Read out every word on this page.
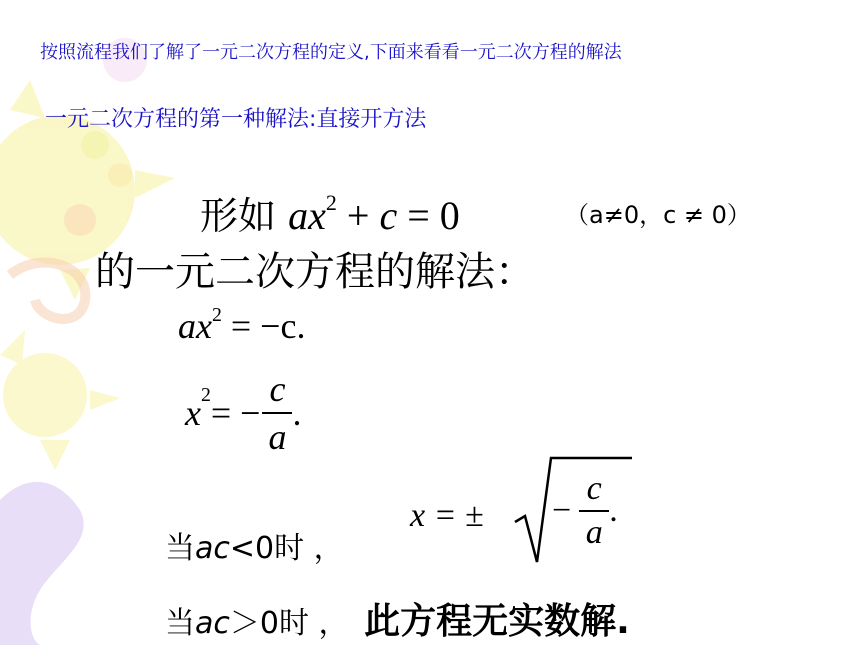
按照流程我们了解了一元二次方程的定义,下面来看看一元二次方程的解法
一元二次方程的第一种解法:直接开方法
形如 $ax^2 + c = 0$	（a≠0，c ≠ 0）
的一元二次方程的解法：
$ax^2 = -c$.
x 2 = − $\frac{c}{a}$ .
当ac<0时 ，
x = ± − $\frac{c}{a}$ .
当ac＞0时 ， 此方程无实数解.
